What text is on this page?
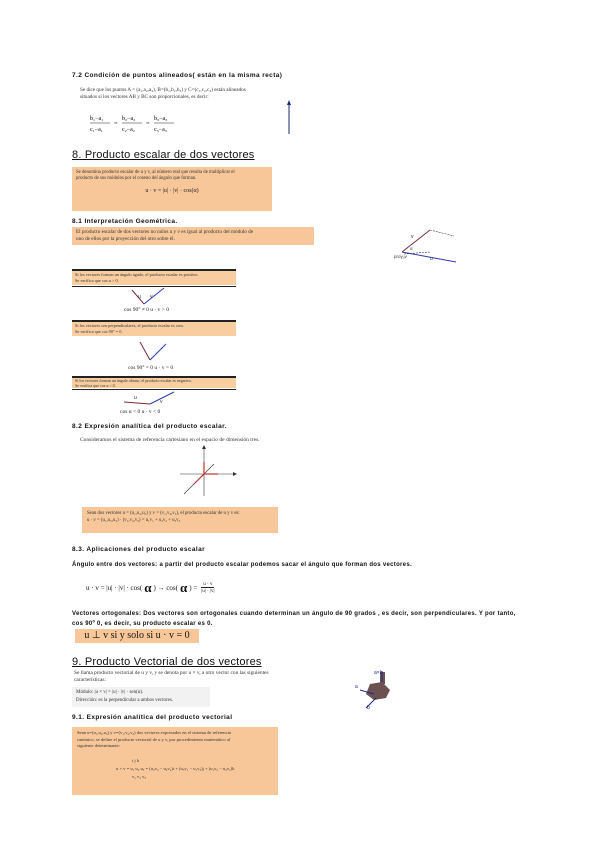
7.2 Condición de puntos alineados( están en la misma recta)
Se dice que los puntos A = (a₁,a₂,a₃), B=(b₁,b₂,b₃) y C=(c₁,c₂,c₃) están alineados
situados si los vectores AB y BC son proporcionales, es decir:
b₁−a₁
c₁−a₁
=
b₂−a₂
c₂−a₂
=
b₃−a₃
c₃−a₃
8. Producto escalar de dos vectores
Se denomina producto escalar de u y v, al número real que resulta de multiplicar el
producto de sus módulos por el coseno del ángulo que forman.
u · v = |u| · |v| · cos(α)
8.1 Interpretación Geométrica.
El producto escalar de dos vectores no nulos u y v es igual al producto del módulo de
uno de ellos por la proyección del otro sobre él.	v
u
proyᵤv
α
Si los vectores forman un ángulo agudo, el producto escalar es positivo.
Se verifica que cos α > 0.
u v
cos 90° ≠ 0 u · v > 0
Si los vectores son perpendiculares, el producto escalar es cero.
Se verifica que cos 90° = 0.
cos 90° = 0 u · v = 0
Si los vectores forman un ángulo obtuso, el producto escalar es negativo.
Se verifica que cos α < 0.
u
v
cos α < 0 u · v < 0
8.2 Expresión analítica del producto escalar.
Consideramos el sistema de referencia cartesiano en el espacio de dimensión tres.
Sean dos vectores u = (u₁,u₂,u₃) y v = (v₁,v₂,v₃), el producto escalar de u y v es:
u · v = (u₁,u₂,u₃) · (v₁,v₂,v₃) = u₁v₁ + u₂v₂ + u₃v₃
8.3. Aplicaciones del producto escalar
Ángulo entre dos vectores: a partir del producto escalar podemos sacar el ángulo que forman dos vectores.
u · v = |u| · |v| · cos( α ) → cos( α ) = $\frac{u \cdot v}{|u| \cdot |v|}$
Vectores ortogonales: Dos vectores son ortogonales cuando determinan un ángulo de 90 grados , es decir, son perpendiculares. Y por tanto,
cos 90º 0, es decir, su producto escalar es 0.
u ⊥ v si y solo si u · v = 0
9. Producto Vectorial de dos vectores
Se llama producto vectorial de u y v, y se denota por u × v, a otro vector con las siguientes
características:
Módulo: |u × v| = |u| · |v| · sen(α).
Dirección: es la perpendicular a ambos vectores.
a×b
a
b
9.1. Expresión analítica del producto vectorial
Sean u=(u₁,u₂,u₃) y v=(v₁,v₂,v₃) dos vectores expresados en el sistema de referencia
canónico, se define el producto vectorial de u y v, por procedimiento matemático al
siguiente determinante:
i j k
u × v = u₁ u₂ u₃ = (u₂v₃ − u₃v₂)i + (u₃v₁ − u₁v₃)j + (u₁v₂ − u₂v₁)k
v₁ v₂ v₃
